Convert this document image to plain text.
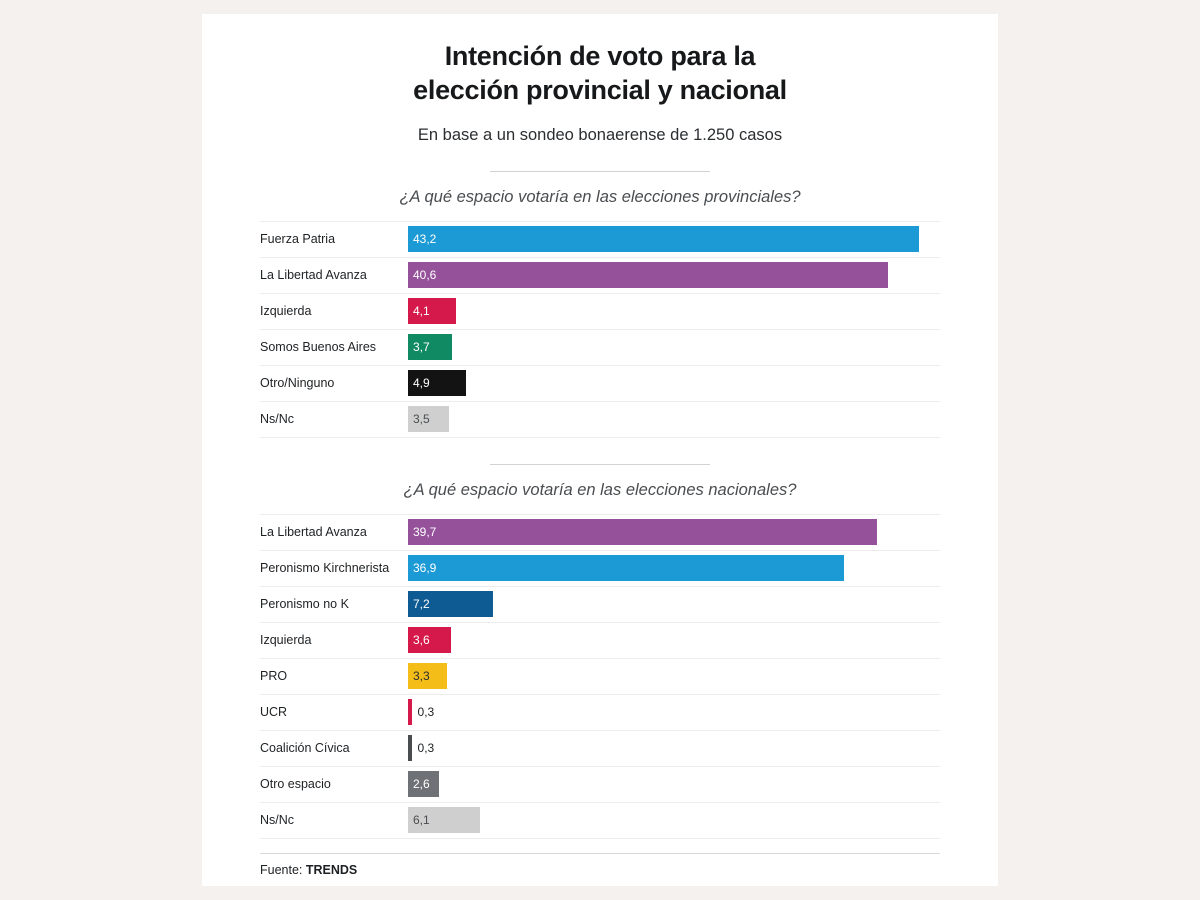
Intención de voto para la
elección provincial y nacional
En base a un sondeo bonaerense de 1.250 casos
¿A qué espacio votaría en las elecciones provinciales?
Fuerza Patria	43,2
La Libertad Avanza	40,6
Izquierda	4,1
Somos Buenos Aires	3,7
Otro/Ninguno	4,9
Ns/Nc	3,5
¿A qué espacio votaría en las elecciones nacionales?
La Libertad Avanza	39,7
Peronismo Kirchnerista	36,9
Peronismo no K	7,2
Izquierda	3,6
PRO	3,3
UCR	0,3
Coalición Cívica	0,3
Otro espacio	2,6
Ns/Nc	6,1
Fuente: TRENDS
